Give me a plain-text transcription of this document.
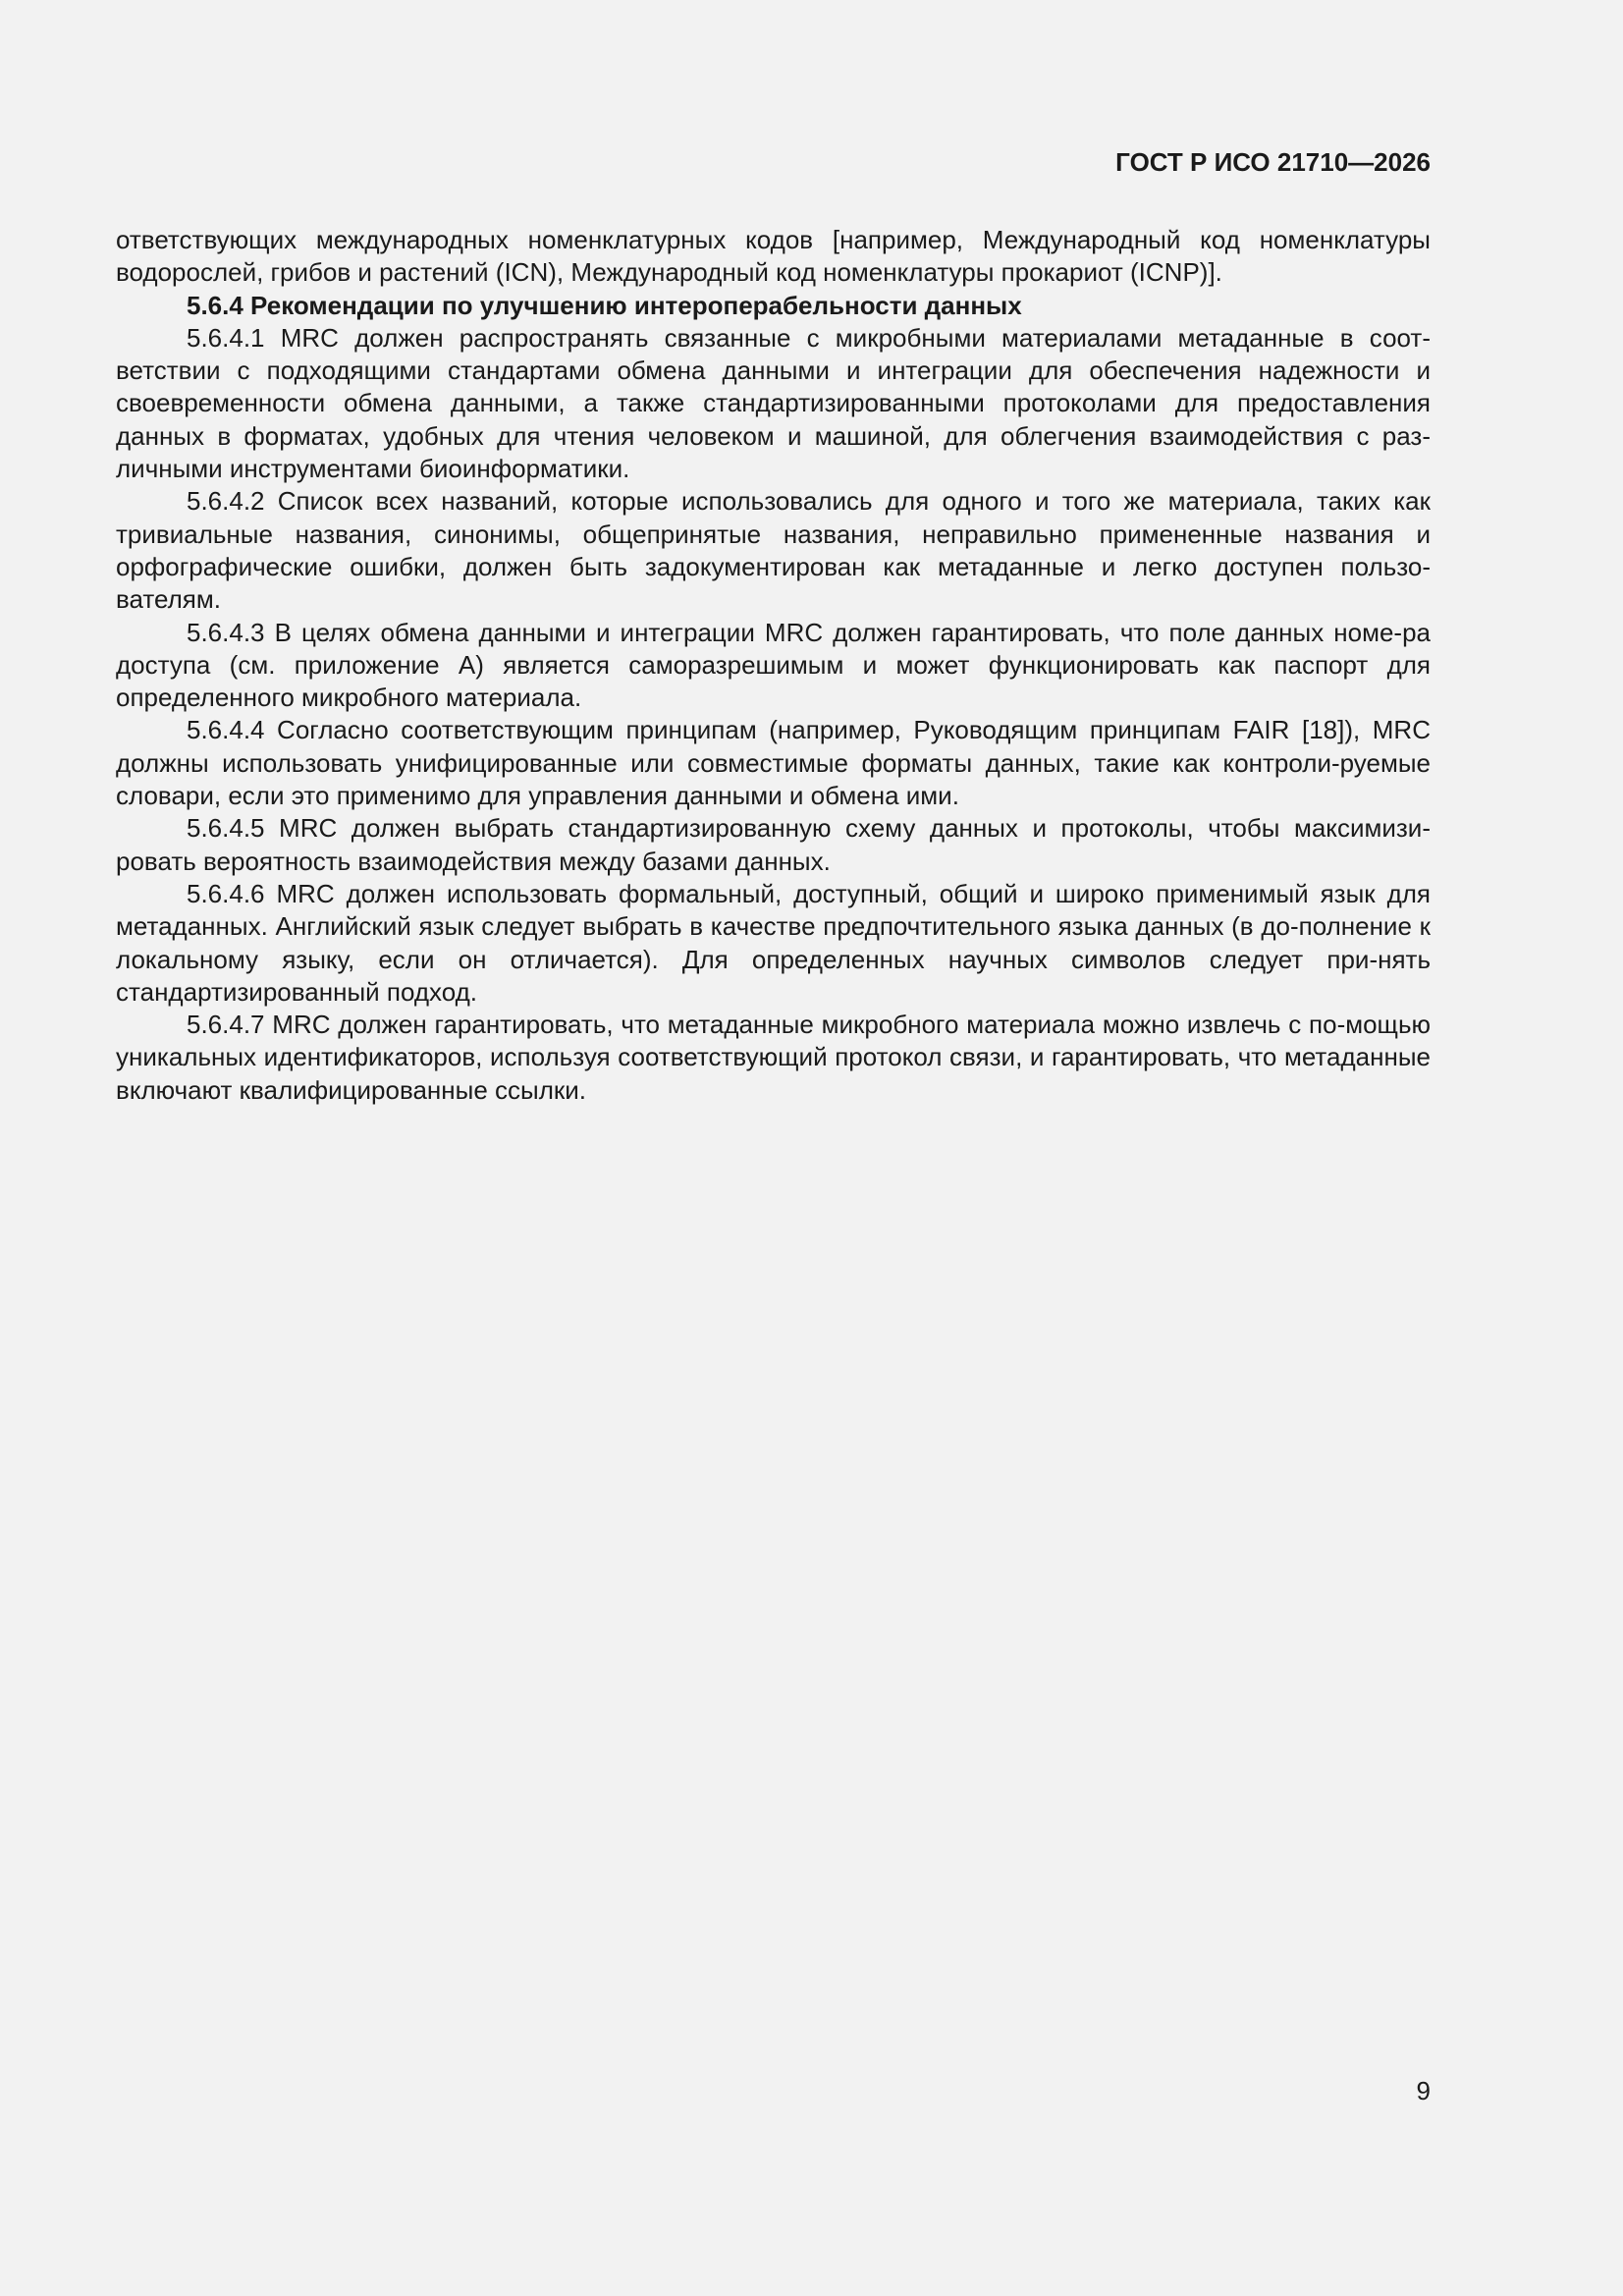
ГОСТ Р ИСО 21710—2026

ответствующих международных номенклатурных кодов [например, Международный код номенклатуры водорослей, грибов и растений (ICN), Международный код номенклатуры прокариот (ICNP)].

5.6.4 Рекомендации по улучшению интероперабельности данных

5.6.4.1 MRC должен распространять связанные с микробными материалами метаданные в соот-ветствии с подходящими стандартами обмена данными и интеграции для обеспечения надежности и своевременности обмена данными, а также стандартизированными протоколами для предоставления данных в форматах, удобных для чтения человеком и машиной, для облегчения взаимодействия с раз-личными инструментами биоинформатики.

5.6.4.2 Список всех названий, которые использовались для одного и того же материала, таких как тривиальные названия, синонимы, общепринятые названия, неправильно примененные названия и орфографические ошибки, должен быть задокументирован как метаданные и легко доступен пользо-вателям.

5.6.4.3 В целях обмена данными и интеграции MRC должен гарантировать, что поле данных номе-ра доступа (см. приложение А) является саморазрешимым и может функционировать как паспорт для определенного микробного материала.

5.6.4.4 Согласно соответствующим принципам (например, Руководящим принципам FAIR [18]), MRC должны использовать унифицированные или совместимые форматы данных, такие как контроли-руемые словари, если это применимо для управления данными и обмена ими.

5.6.4.5 MRC должен выбрать стандартизированную схему данных и протоколы, чтобы максимизи-ровать вероятность взаимодействия между базами данных.

5.6.4.6 MRC должен использовать формальный, доступный, общий и широко применимый язык для метаданных. Английский язык следует выбрать в качестве предпочтительного языка данных (в до-полнение к локальному языку, если он отличается). Для определенных научных символов следует при-нять стандартизированный подход.

5.6.4.7 MRC должен гарантировать, что метаданные микробного материала можно извлечь с по-мощью уникальных идентификаторов, используя соответствующий протокол связи, и гарантировать, что метаданные включают квалифицированные ссылки.

9
